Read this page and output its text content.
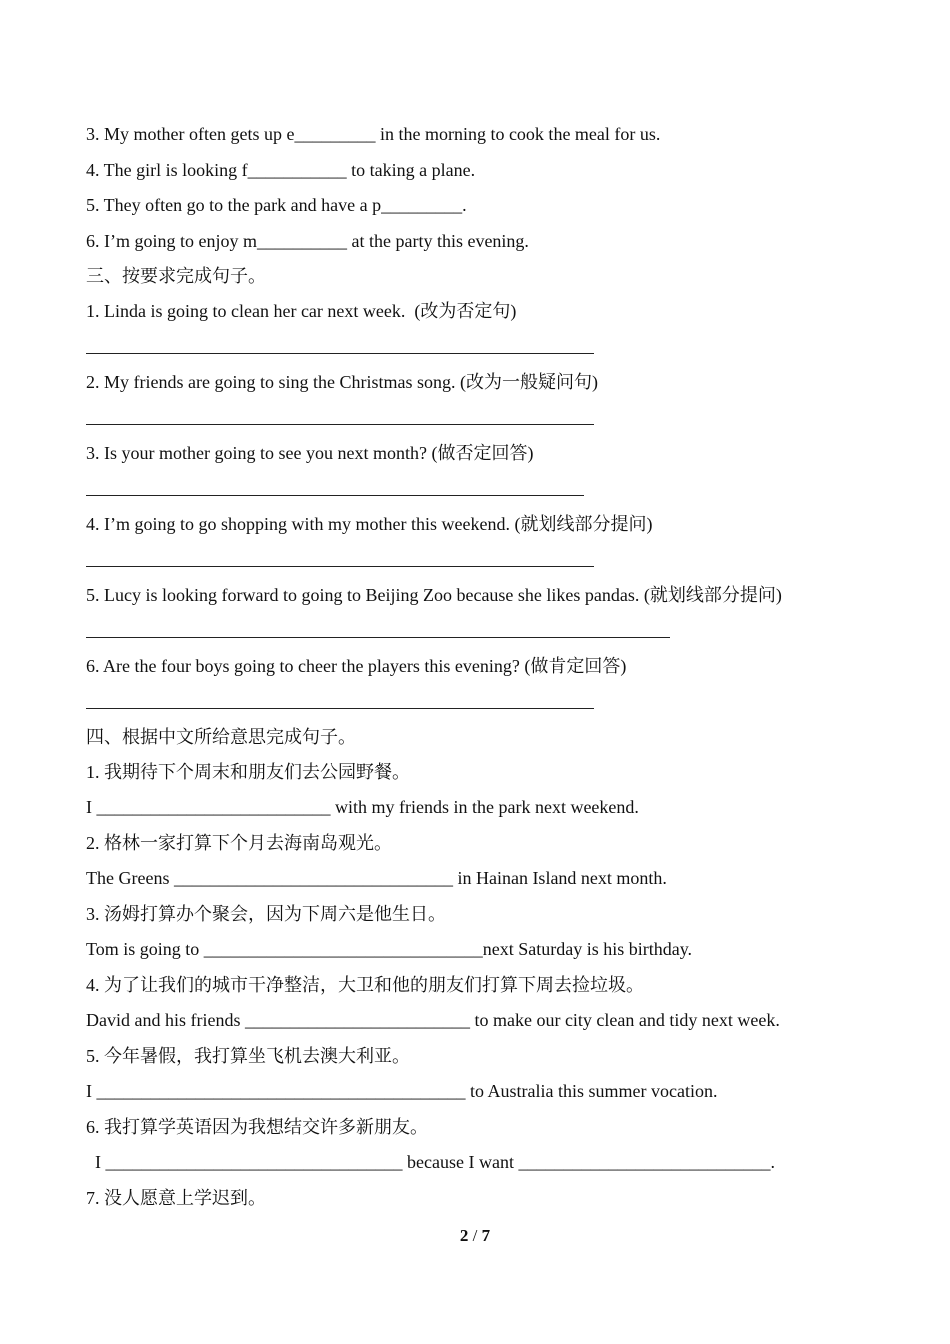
3. My mother often gets up e_________ in the morning to cook the meal for us.
4. The girl is looking f___________ to taking a plane.
5. They often go to the park and have a p_________.
6. I’m going to enjoy m__________ at the party this evening.
三、按要求完成句子。
1. Linda is going to clean her car next week.  (改为否定句)
2. My friends are going to sing the Christmas song. (改为一般疑问句)
3. Is your mother going to see you next month? (做否定回答)
4. I’m going to go shopping with my mother this weekend. (就划线部分提问)
5. Lucy is looking forward to going to Beijing Zoo because she likes pandas. (就划线部分提问)
6. Are the four boys going to cheer the players this evening? (做肯定回答)
四、根据中文所给意思完成句子。
1. 我期待下个周末和朋友们去公园野餐。
I __________________________ with my friends in the park next weekend.
2. 格林一家打算下个月去海南岛观光。
The Greens _______________________________ in Hainan Island next month.
3. 汤姆打算办个聚会，因为下周六是他生日。
Tom is going to _______________________________next Saturday is his birthday.
4. 为了让我们的城市干净整洁，大卫和他的朋友们打算下周去捡垃圾。
David and his friends _________________________ to make our city clean and tidy next week.
5. 今年暑假，我打算坐飞机去澳大利亚。
I _________________________________________ to Australia this summer vocation.
6. 我打算学英语因为我想结交许多新朋友。
I _________________________________ because I want ____________________________.
7. 没人愿意上学迟到。
2 / 7
